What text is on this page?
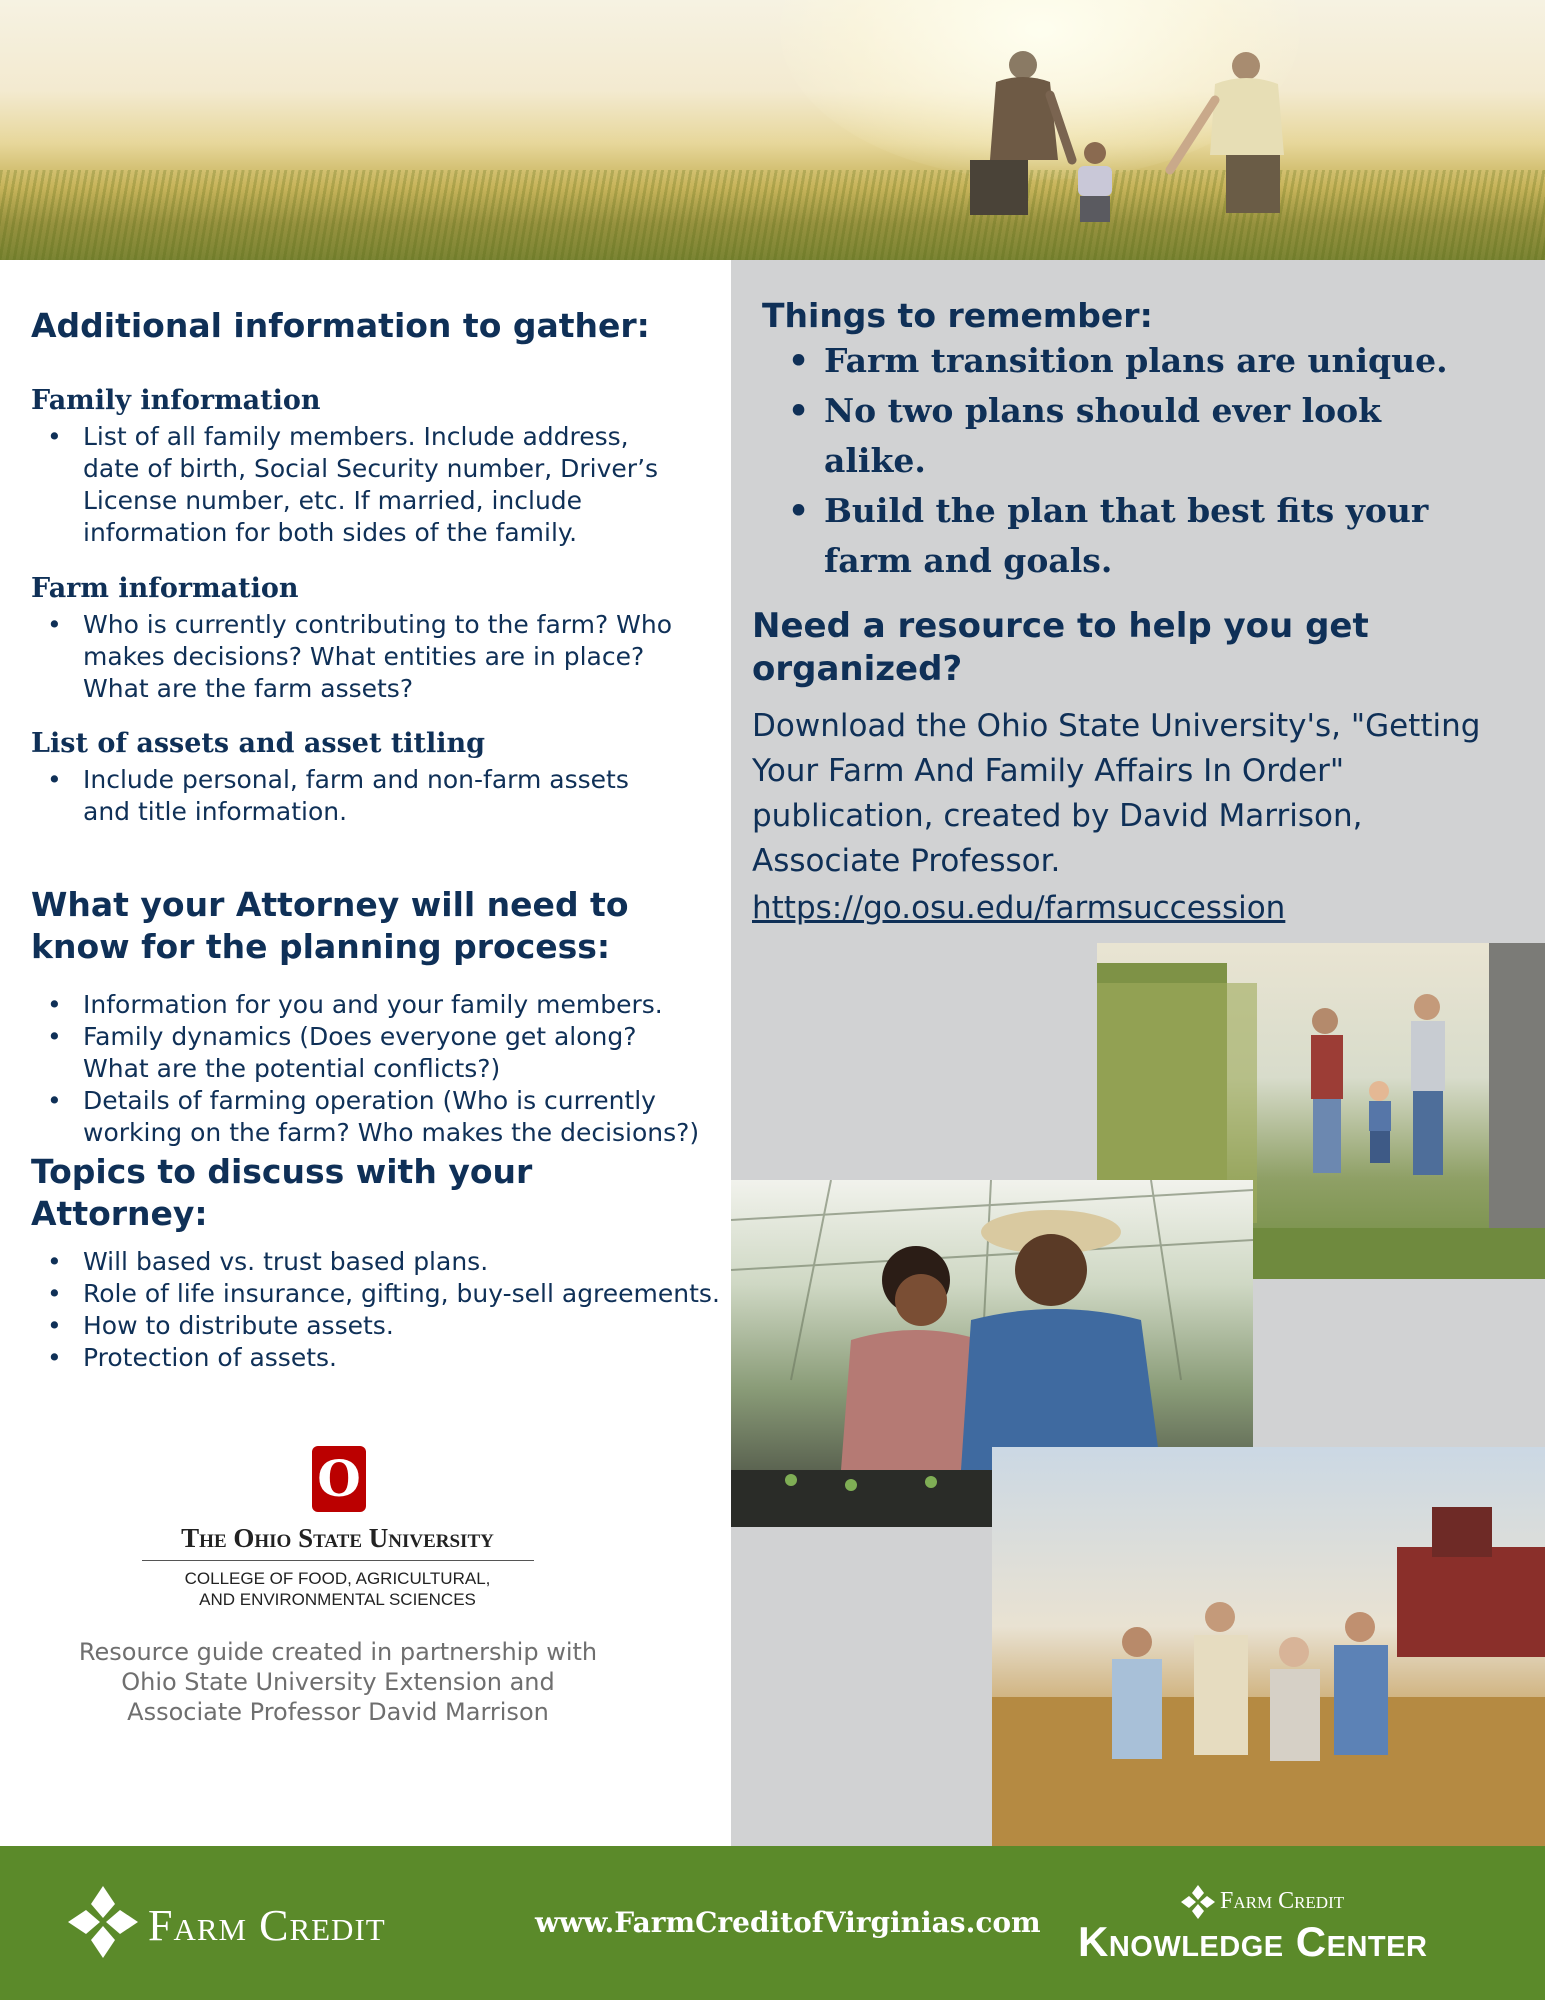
Additional information to gather:
Family information
• List of all family members. Include address, date of birth, Social Security number, Driver’s License number, etc. If married, include information for both sides of the family.
Farm information
• Who is currently contributing to the farm? Who makes decisions? What entities are in place? What are the farm assets?
List of assets and asset titling
• Include personal, farm and non-farm assets and title information.
What your Attorney will need to know for the planning process:
• Information for you and your family members.
• Family dynamics (Does everyone get along? What are the potential conflicts?)
• Details of farming operation (Who is currently working on the farm? Who makes the decisions?)
Topics to discuss with your Attorney:
• Will based vs. trust based plans.
• Role of life insurance, gifting, buy-sell agreements.
• How to distribute assets.
• Protection of assets.
O
The Ohio State University
COLLEGE OF FOOD, AGRICULTURAL,
AND ENVIRONMENTAL SCIENCES
Resource guide created in partnership with Ohio State University Extension and Associate Professor David Marrison
Things to remember:
• Farm transition plans are unique.
• No two plans should ever look alike.
• Build the plan that best fits your farm and goals.
Need a resource to help you get organized?

Download the Ohio State University's, "Getting Your Farm And Family Affairs In Order" publication, created by David Marrison, Associate Professor.

https://go.osu.edu/farmsuccession
Farm Credit	www.FarmCreditofVirginias.com
Farm Credit
Knowledge Center
